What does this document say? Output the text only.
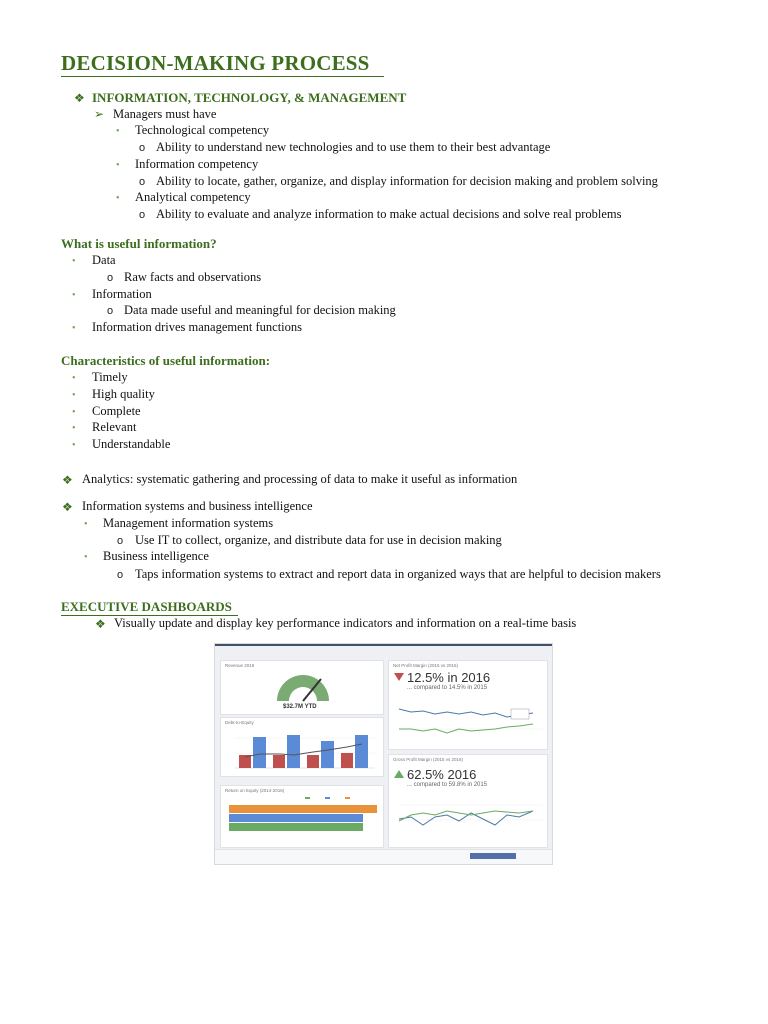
DECISION-MAKING PROCESS
❖ INFORMATION, TECHNOLOGY, & MANAGEMENT
➢ Managers must have
• Technological competency
o Ability to understand new technologies and to use them to their best advantage
• Information competency
o Ability to locate, gather, organize, and display information for decision making and problem solving
• Analytical competency
o Ability to evaluate and analyze information to make actual decisions and solve real problems
What is useful information?
• Data
o Raw facts and observations
• Information
o Data made useful and meaningful for decision making
• Information drives management functions
Characteristics of useful information:
• Timely
• High quality
• Complete
• Relevant
• Understandable
❖ Analytics: systematic gathering and processing of data to make it useful as information
❖ Information systems and business intelligence
• Management information systems
o Use IT to collect, organize, and distribute data for use in decision making
• Business intelligence
o Taps information systems to extract and report data in organized ways that are helpful to decision makers
EXECUTIVE DASHBOARDS
❖ Visually update and display key performance indicators and information on a real-time basis
Revenue 2016
$32.7M YTD
Debt-to-Equity
Return on Equity (2014-2016)
Net Profit Margin (2015 vs 2016)
12.5% in 2016
... compared to 14.5% in 2015
Gross Profit Margin (2015 vs 2016)
62.5% 2016
... compared to 59.8% in 2015
